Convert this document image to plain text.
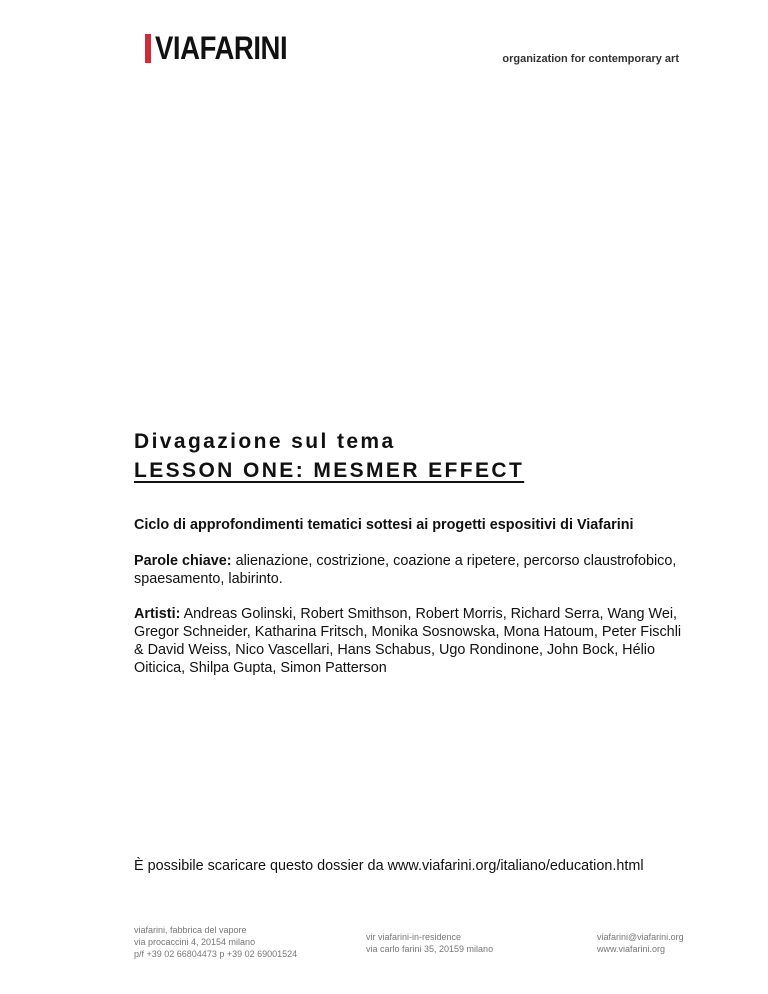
VIAFARINI	organization for contemporary art
Divagazione sul tema
LESSON ONE: MESMER EFFECT
Ciclo di approfondimenti tematici sottesi ai progetti espositivi di Viafarini
Parole chiave: alienazione, costrizione, coazione a ripetere, percorso claustrofobico, spaesamento, labirinto.
Artisti: Andreas Golinski, Robert Smithson, Robert Morris, Richard Serra, Wang Wei, Gregor Schneider, Katharina Fritsch, Monika Sosnowska, Mona Hatoum, Peter Fischli & David Weiss, Nico Vascellari, Hans Schabus, Ugo Rondinone, John Bock, Hélio Oiticica, Shilpa Gupta, Simon Patterson
È possibile scaricare questo dossier da www.viafarini.org/italiano/education.html
viafarini, fabbrica del vapore
via procaccini 4, 20154 milano
p/f +39 02 66804473 p +39 02 69001524
vir viafarini-in-residence
via carlo farini 35, 20159 milano
viafarini@viafarini.org
www.viafarini.org
